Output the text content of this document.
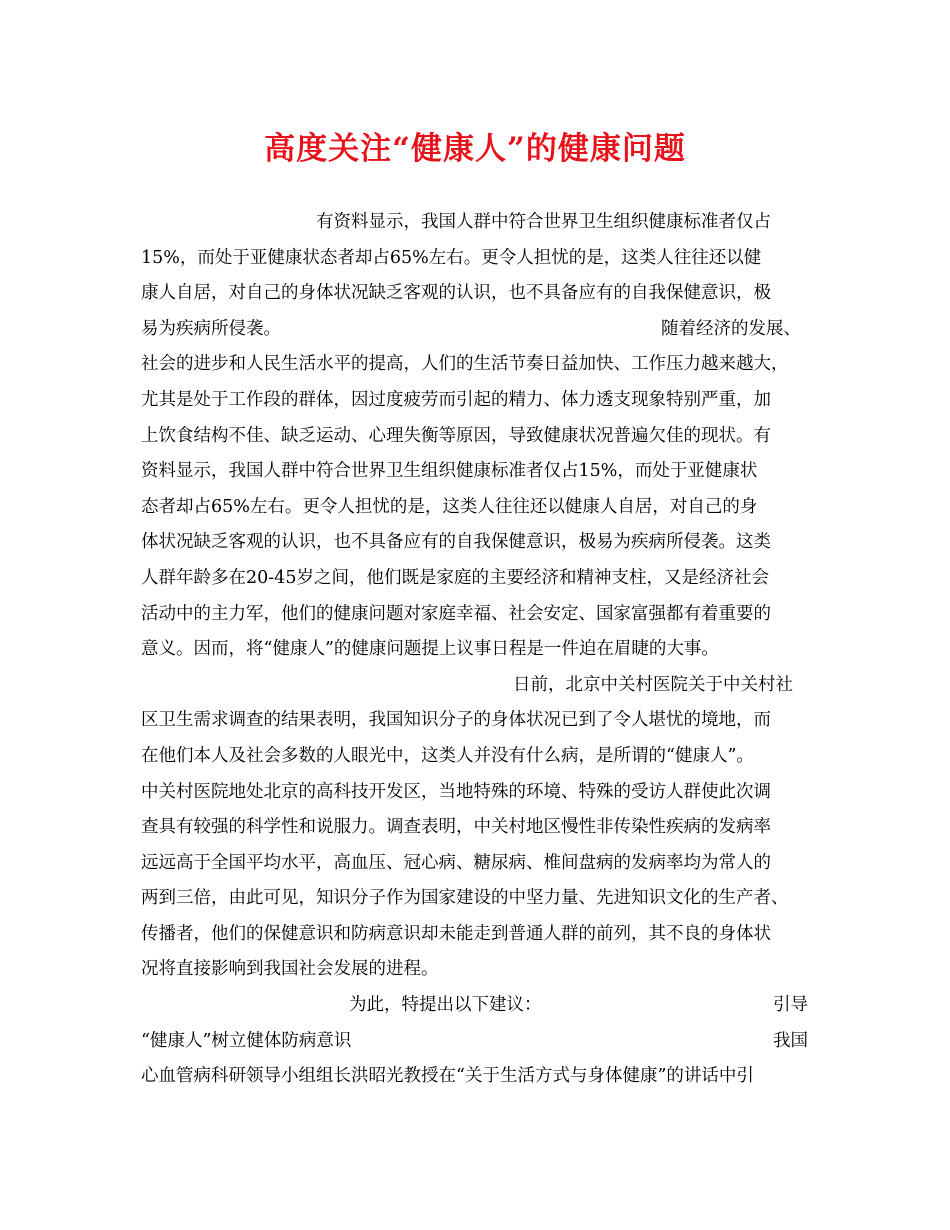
高度关注“健康人”的健康问题
有资料显示，我国人群中符合世界卫生组织健康标准者仅占
15%，而处于亚健康状态者却占65%左右。更令人担忧的是，这类人往往还以健
康人自居，对自己的身体状况缺乏客观的认识，也不具备应有的自我保健意识，极
易为疾病所侵袭。	随着经济的发展、
社会的进步和人民生活水平的提高，人们的生活节奏日益加快、工作压力越来越大，
尤其是处于工作段的群体，因过度疲劳而引起的精力、体力透支现象特别严重，加
上饮食结构不佳、缺乏运动、心理失衡等原因，导致健康状况普遍欠佳的现状。有
资料显示，我国人群中符合世界卫生组织健康标准者仅占15%，而处于亚健康状
态者却占65%左右。更令人担忧的是，这类人往往还以健康人自居，对自己的身
体状况缺乏客观的认识，也不具备应有的自我保健意识，极易为疾病所侵袭。这类
人群年龄多在20-45岁之间，他们既是家庭的主要经济和精神支柱，又是经济社会
活动中的主力军，他们的健康问题对家庭幸福、社会安定、国家富强都有着重要的
意义。因而，将“健康人”的健康问题提上议事日程是一件迫在眉睫的大事。
日前，北京中关村医院关于中关村社
区卫生需求调查的结果表明，我国知识分子的身体状况已到了令人堪忧的境地，而
在他们本人及社会多数的人眼光中，这类人并没有什么病，是所谓的“健康人”。
中关村医院地处北京的高科技开发区，当地特殊的环境、特殊的受访人群使此次调
查具有较强的科学性和说服力。调查表明，中关村地区慢性非传染性疾病的发病率
远远高于全国平均水平，高血压、冠心病、糖尿病、椎间盘病的发病率均为常人的
两到三倍，由此可见，知识分子作为国家建设的中坚力量、先进知识文化的生产者、
传播者，他们的保健意识和防病意识却未能走到普通人群的前列，其不良的身体状
况将直接影响到我国社会发展的进程。
为此，特提出以下建议：	引导
“健康人”树立健体防病意识	我国
心血管病科研领导小组组长洪昭光教授在“关于生活方式与身体健康”的讲话中引
